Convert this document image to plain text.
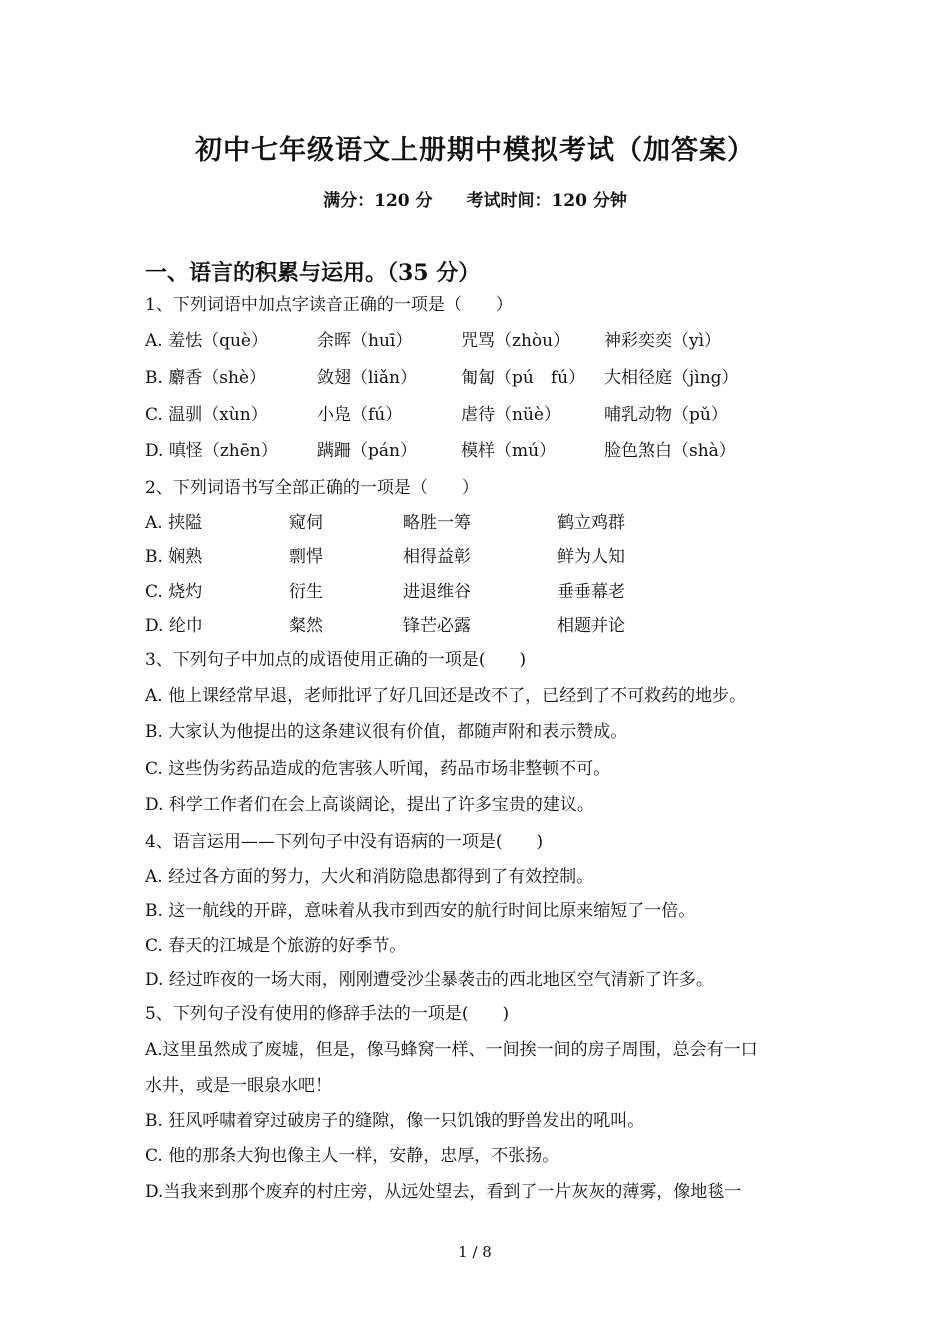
初中七年级语文上册期中模拟考试（加答案）
满分：120 分 考试时间：120 分钟
一、语言的积累与运用。（35 分）
1、下列词语中加点字读音正确的一项是（　　）
A. 羞怯（què）	余晖（huī）	咒骂（zhòu） 神彩奕奕（yì）
B. 麝香（shè）	敛翅（liǎn）	匍匐（pú　fú） 大相径庭（jìng）
C. 温驯（xùn）	小凫（fú）	虐待（nüè）	哺乳动物（pǔ）
D. 嗔怪（zhēn） 蹒跚（pán）	模样（mú）	脸色煞白（shà）
2、下列词语书写全部正确的一项是（　　）
A. 挟隘	窥伺	略胜一筹	鹤立鸡群
B. 娴熟	剽悍	相得益彰	鲜为人知
C. 烧灼	衍生	进退维谷	垂垂幕老
D. 纶巾	粲然	锋芒必露	相题并论
3、下列句子中加点的成语使用正确的一项是(　　)
A. 他上课经常早退，老师批评了好几回还是改不了，已经到了不可救药的地步。
B. 大家认为他提出的这条建议很有价值，都随声附和表示赞成。
C. 这些伪劣药品造成的危害骇人听闻，药品市场非整顿不可。
D. 科学工作者们在会上高谈阔论，提出了许多宝贵的建议。
4、语言运用——下列句子中没有语病的一项是(　　)
A. 经过各方面的努力，大火和消防隐患都得到了有效控制。
B. 这一航线的开辟，意味着从我市到西安的航行时间比原来缩短了一倍。
C. 春天的江城是个旅游的好季节。
D. 经过昨夜的一场大雨，刚刚遭受沙尘暴袭击的西北地区空气清新了许多。
5、下列句子没有使用的修辞手法的一项是(　　)
A.这里虽然成了废墟，但是，像马蜂窝一样、一间挨一间的房子周围，总会有一口
水井，或是一眼泉水吧！
B. 狂风呼啸着穿过破房子的缝隙，像一只饥饿的野兽发出的吼叫。
C. 他的那条大狗也像主人一样，安静，忠厚，不张扬。
D.当我来到那个废弃的村庄旁，从远处望去，看到了一片灰灰的薄雾，像地毯一
1 / 8
